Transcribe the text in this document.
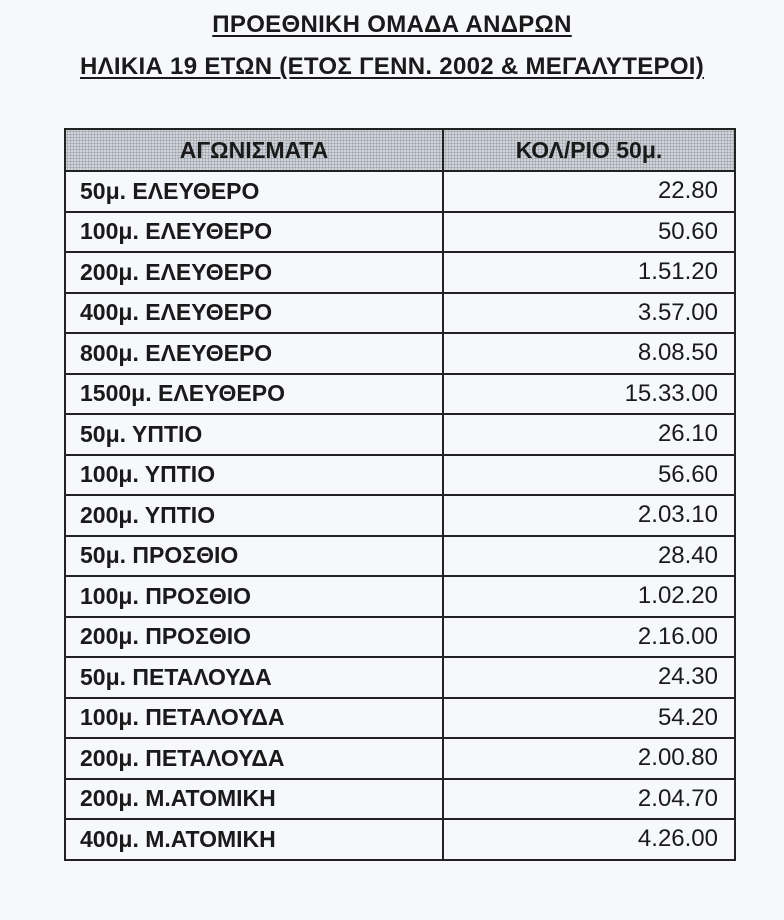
ΠΡΟΕΘΝΙΚΗ ΟΜΑΔΑ ΑΝΔΡΩΝ
ΗΛΙΚΙΑ 19 ΕΤΩΝ (ΕΤΟΣ ΓΕΝΝ. 2002 & ΜΕΓΑΛΥΤΕΡΟΙ)
ΑΓΩΝΙΣΜΑΤΑ	ΚΟΛ/ΡΙΟ 50μ.
50μ. ΕΛΕΥΘΕΡΟ	22.80
100μ. ΕΛΕΥΘΕΡΟ	50.60
200μ. ΕΛΕΥΘΕΡΟ	1.51.20
400μ. ΕΛΕΥΘΕΡΟ	3.57.00
800μ. ΕΛΕΥΘΕΡΟ	8.08.50
1500μ. ΕΛΕΥΘΕΡΟ	15.33.00
50μ. ΥΠΤΙΟ	26.10
100μ. ΥΠΤΙΟ	56.60
200μ. ΥΠΤΙΟ	2.03.10
50μ. ΠΡΟΣΘΙΟ	28.40
100μ. ΠΡΟΣΘΙΟ	1.02.20
200μ. ΠΡΟΣΘΙΟ	2.16.00
50μ. ΠΕΤΑΛΟΥΔΑ	24.30
100μ. ΠΕΤΑΛΟΥΔΑ	54.20
200μ. ΠΕΤΑΛΟΥΔΑ	2.00.80
200μ. Μ.ΑΤΟΜΙΚΗ	2.04.70
400μ. Μ.ΑΤΟΜΙΚΗ	4.26.00
